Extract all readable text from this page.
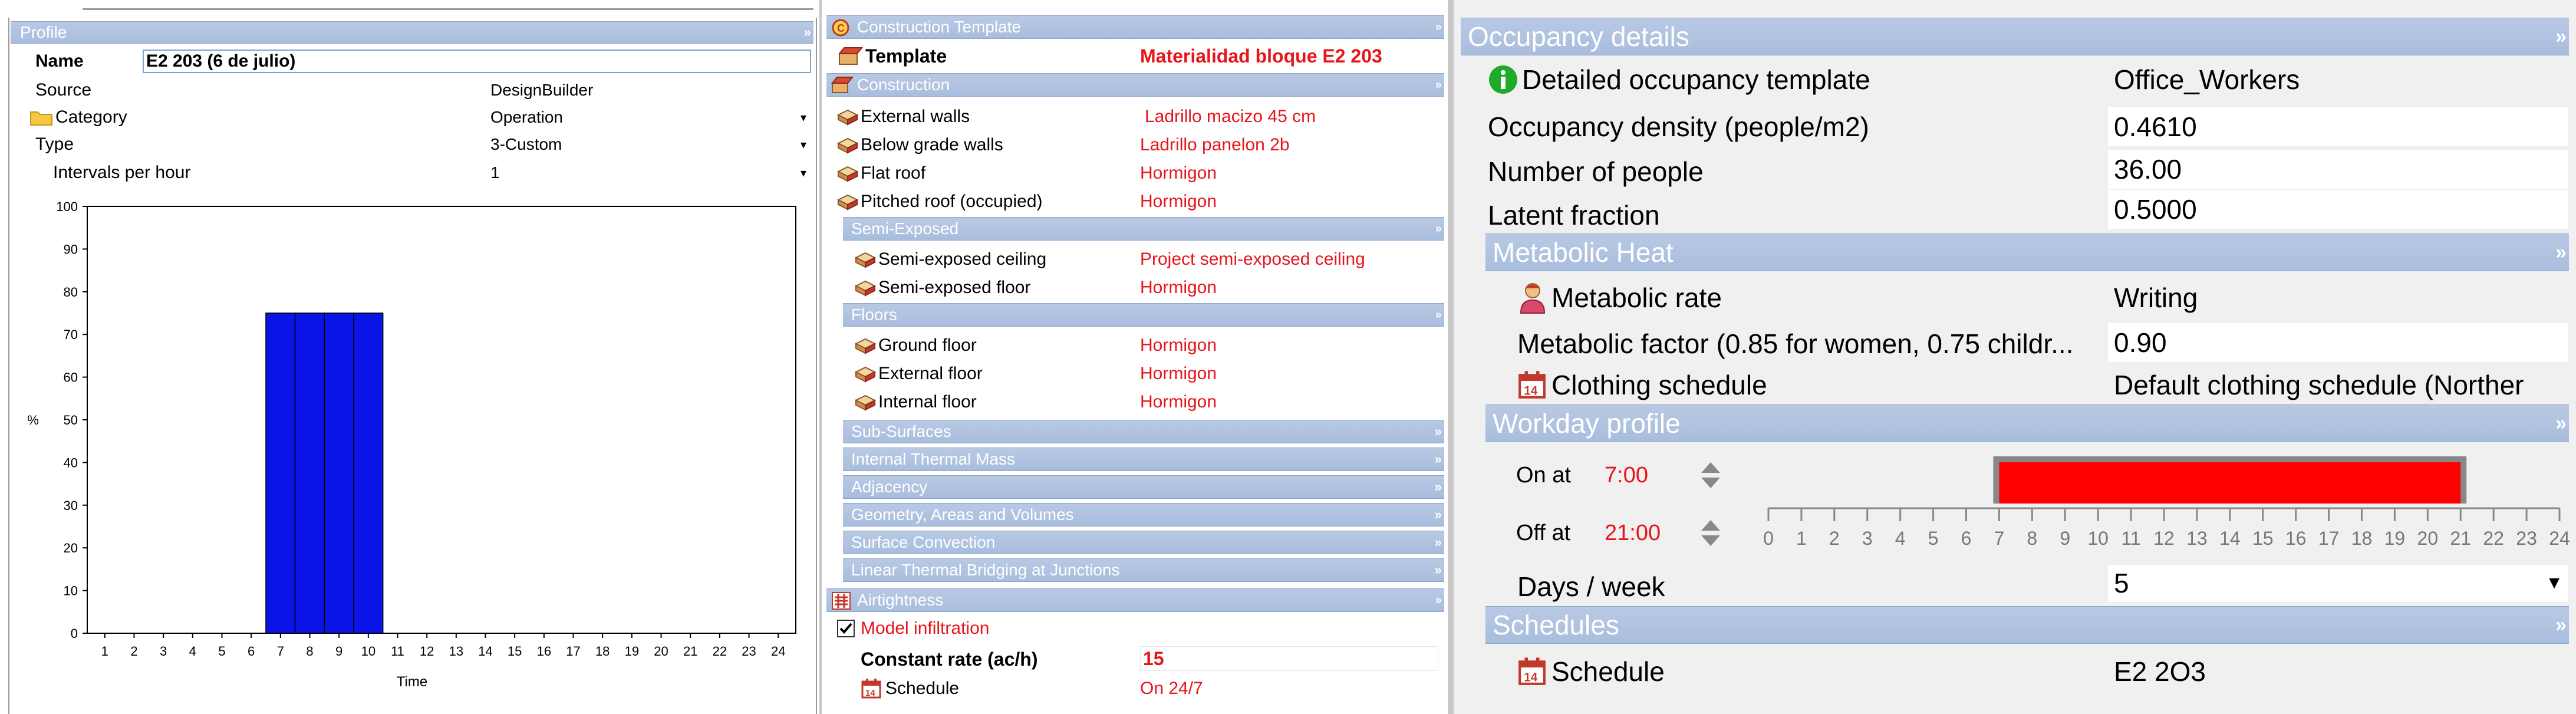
Profile	»
Name	E2 203 (6 de julio)
Source	DesignBuilder
Category	Operation	▾
Type	3-Custom	▾
Intervals per hour	1	▾
0
10
20
30
40
50
60
70
80
90
100
1 2 3 4 5 6 7 8 9 10 11 12 13 14 15 16 17 18 19 20 21 22 23 24
%
Time
C Construction Template	»
Template	Materialidad bloque E2 203
Construction	»
External walls	Ladrillo macizo 45 cm
Below grade walls	Ladrillo panelon 2b
Flat roof	Hormigon
Pitched roof (occupied)	Hormigon
Semi-Exposed	»
Semi-exposed ceiling	Project semi-exposed ceiling
Semi-exposed floor	Hormigon
Floors	»
Ground floor	Hormigon
External floor	Hormigon
Internal floor	Hormigon
Sub-Surfaces	»
Internal Thermal Mass	»
Adjacency	»
Geometry, Areas and Volumes	»
Surface Convection	»
Linear Thermal Bridging at Junctions	»
Airtightness	»
Model infiltration
Constant rate (ac/h)	15
14 Schedule	On 24/7
Occupancy details	»
Detailed occupancy template	Office_Workers
Occupancy density (people/m2)	0.4610
Number of people	36.00
Latent fraction	0.5000
Metabolic Heat	»
Metabolic rate	Writing
Metabolic factor (0.85 for women, 0.75 childr... 0.90
14 Clothing schedule	Default clothing schedule (Norther
Workday profile	»
On at	7:00
Off at	21:00	0 1 2 3 4 5 6 7 8 9 10 11 12 13 14 15 16 17 18 19 20 21 22 23 24
Days / week	5	▼
Schedules	»
14 Schedule	E2 2O3
